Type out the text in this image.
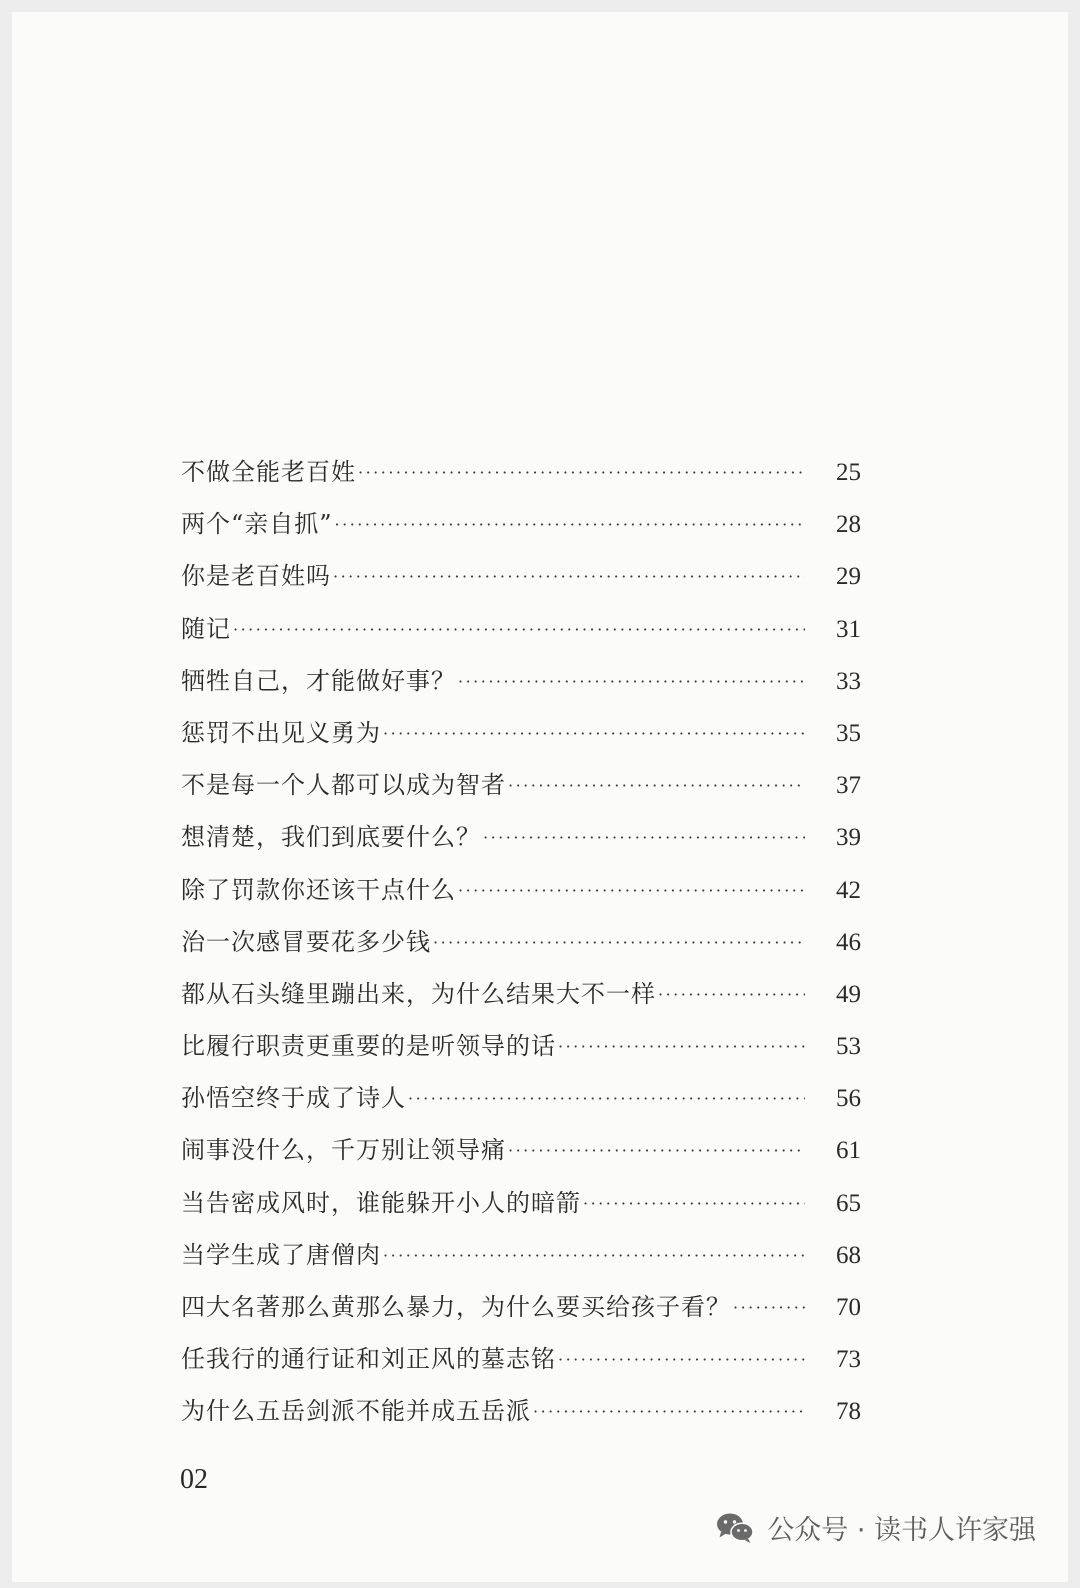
不做全能老百姓 ·····	25
两个“亲自抓” ·····	28
你是老百姓吗 ·····	29
随记 ·····	31
牺牲自己，才能做好事？ ·····	33
惩罚不出见义勇为 ·····	35
不是每一个人都可以成为智者 ·····	37
想清楚，我们到底要什么？ ·····	39
除了罚款你还该干点什么 ·····	42
治一次感冒要花多少钱 ·····	46
都从石头缝里蹦出来，为什么结果大不一样 ·····	49
比履行职责更重要的是听领导的话 ·····	53
孙悟空终于成了诗人 ·····	56
闹事没什么，千万别让领导痛 ·····	61
当告密成风时，谁能躲开小人的暗箭 ·····	65
当学生成了唐僧肉 ·····	68
四大名著那么黄那么暴力，为什么要买给孩子看？ ·····	70
任我行的通行证和刘正风的墓志铭 ·····	73
为什么五岳剑派不能并成五岳派 ·····	78
02
公众号 · 读书人许家强
